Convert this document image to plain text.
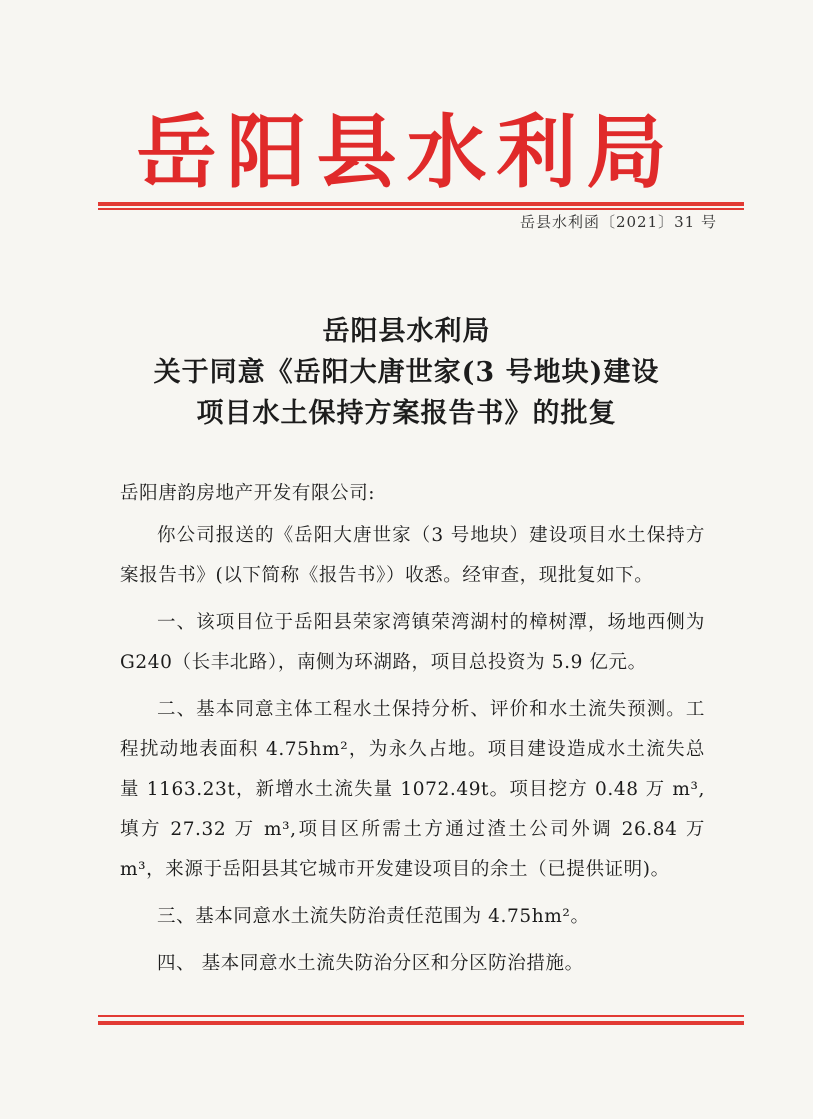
岳阳县水利局
岳县水利函〔2021〕31 号
岳阳县水利局
关于同意《岳阳大唐世家(3 号地块)建设
项目水土保持方案报告书》的批复

岳阳唐韵房地产开发有限公司:

你公司报送的《岳阳大唐世家（3 号地块）建设项目水土保持方案报告书》(以下简称《报告书》）收悉。经审查，现批复如下。

一、该项目位于岳阳县荣家湾镇荣湾湖村的樟树潭，场地西侧为 G240（长丰北路），南侧为环湖路，项目总投资为 5.9 亿元。

二、基本同意主体工程水土保持分析、评价和水土流失预测。工程扰动地表面积 4.75hm²，为永久占地。项目建设造成水土流失总量 1163.23t，新增水土流失量 1072.49t。项目挖方 0.48 万 m³,填方 27.32 万 m³,项目区所需土方通过渣土公司外调 26.84 万 m³，来源于岳阳县其它城市开发建设项目的余土（已提供证明)。

三、基本同意水土流失防治责任范围为 4.75hm²。

四、 基本同意水土流失防治分区和分区防治措施。
